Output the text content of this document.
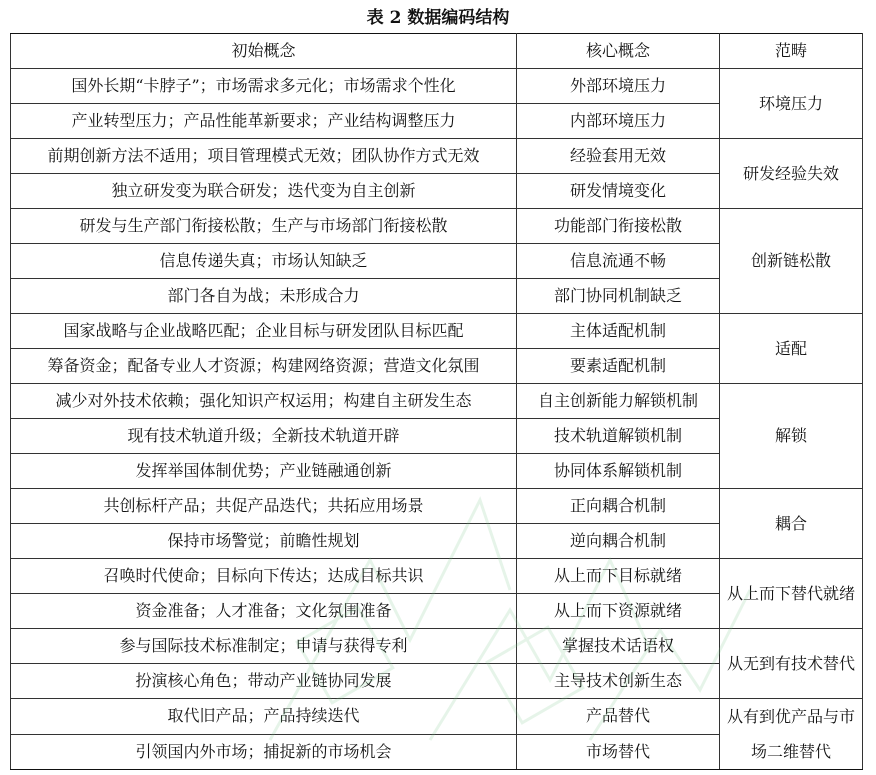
表 2 数据编码结构
初始概念	核心概念	范畴
国外长期“卡脖子”；市场需求多元化；市场需求个性化	外部环境压力	环境压力
产业转型压力；产品性能革新要求；产业结构调整压力	内部环境压力	
前期创新方法不适用；项目管理模式无效；团队协作方式无效	经验套用无效	研发经验失效
独立研发变为联合研发；迭代变为自主创新	研发情境变化	
研发与生产部门衔接松散；生产与市场部门衔接松散	功能部门衔接松散	创新链松散
信息传递失真；市场认知缺乏	信息流通不畅	
部门各自为战；未形成合力	部门协同机制缺乏	
国家战略与企业战略匹配；企业目标与研发团队目标匹配	主体适配机制	适配
筹备资金；配备专业人才资源；构建网络资源；营造文化氛围	要素适配机制	
减少对外技术依赖；强化知识产权运用；构建自主研发生态	自主创新能力解锁机制	解锁
现有技术轨道升级；全新技术轨道开辟	技术轨道解锁机制	
发挥举国体制优势；产业链融通创新	协同体系解锁机制	
共创标杆产品；共促产品迭代；共拓应用场景	正向耦合机制	耦合
保持市场警觉；前瞻性规划	逆向耦合机制	
召唤时代使命；目标向下传达；达成目标共识	从上而下目标就绪	从上而下替代就绪
资金准备；人才准备；文化氛围准备	从上而下资源就绪	
参与国际技术标准制定；申请与获得专利	掌握技术话语权	从无到有技术替代
扮演核心角色；带动产业链协同发展	主导技术创新生态	
取代旧产品；产品持续迭代	产品替代	从有到优产品与市场二维替代
引领国内外市场；捕捉新的市场机会	市场替代	
